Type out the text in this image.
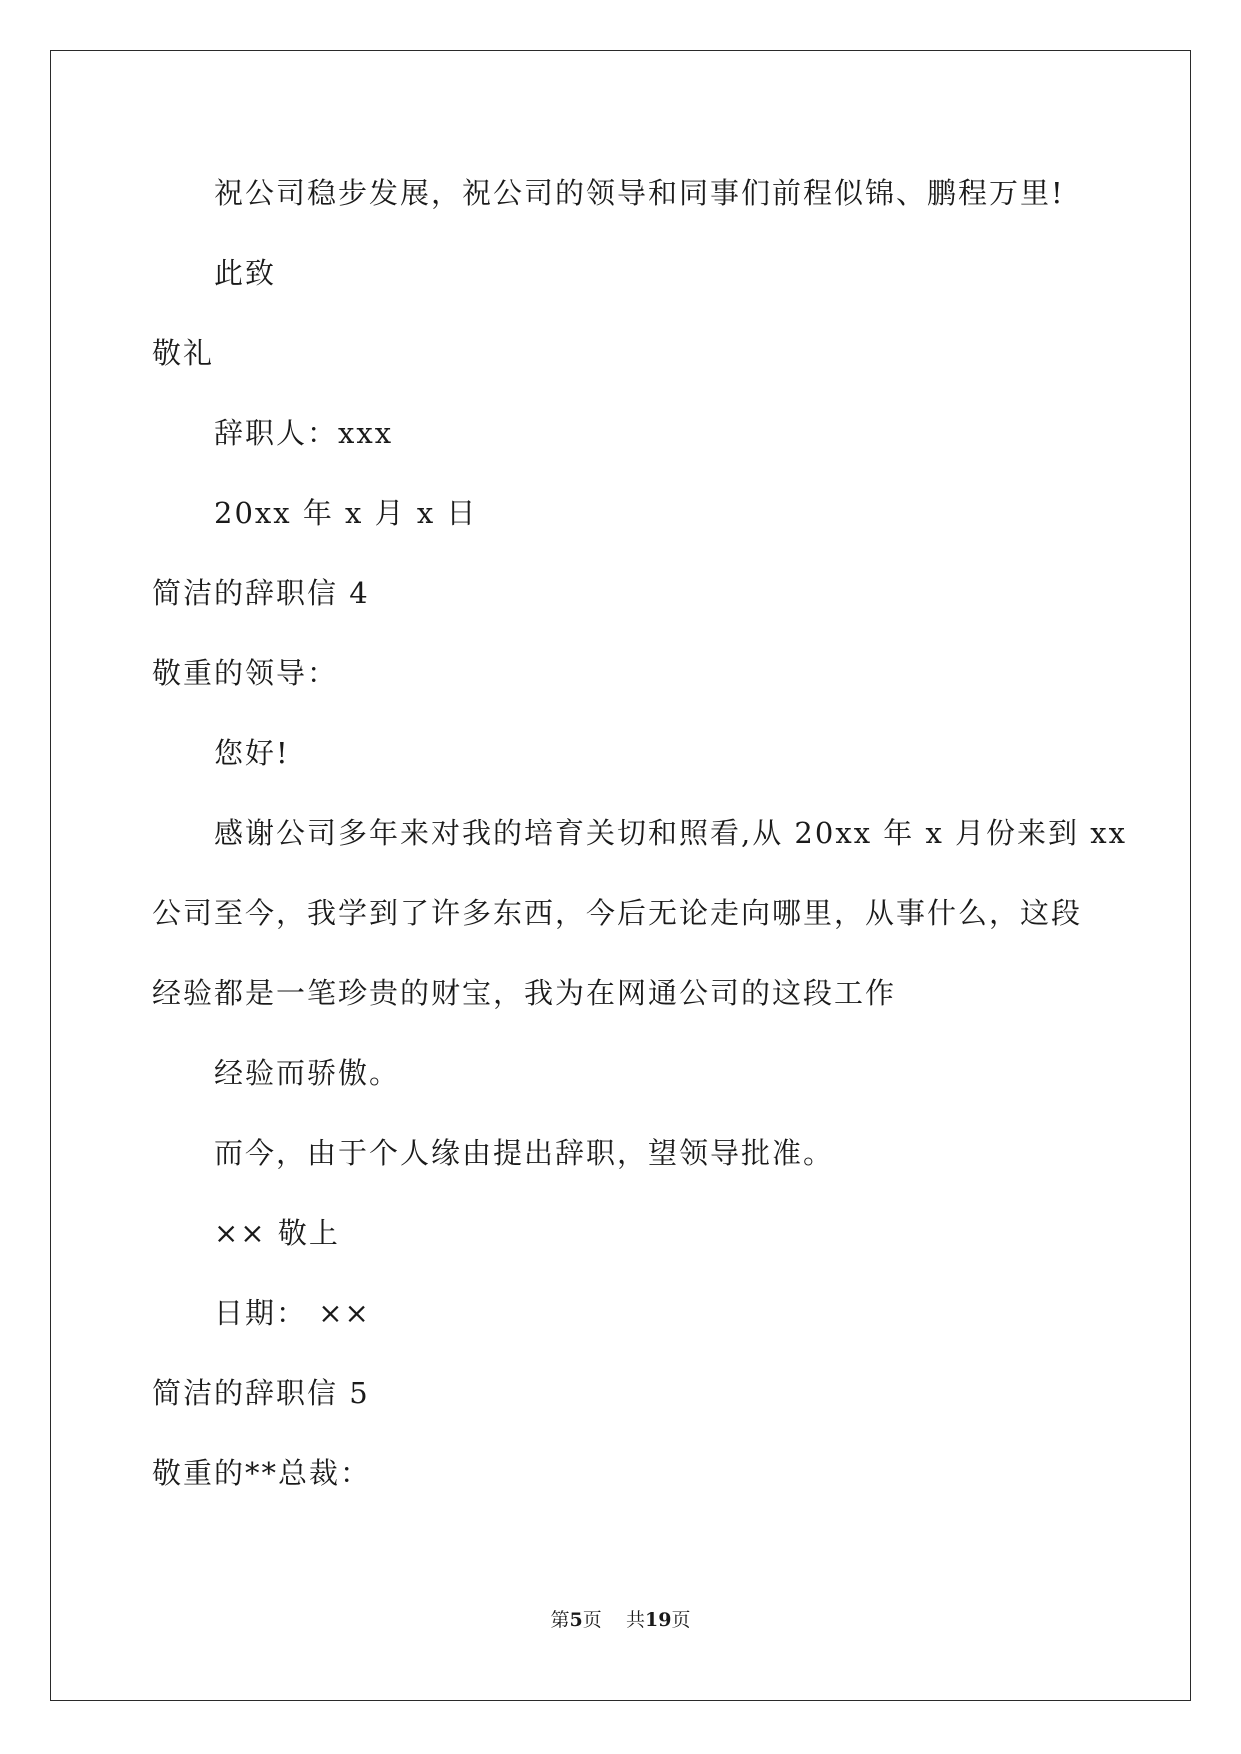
祝公司稳步发展，祝公司的领导和同事们前程似锦、鹏程万里!
此致
敬礼
辞职人：xxx
20xx 年 x 月 x 日
简洁的辞职信 4
敬重的领导：
您好!
感谢公司多年来对我的培育关切和照看,从 20xx 年 x 月份来到 xx
公司至今，我学到了许多东西，今后无论走向哪里，从事什么，这段
经验都是一笔珍贵的财宝，我为在网通公司的这段工作
经验而骄傲。
而今，由于个人缘由提出辞职，望领导批准。
×× 敬上
日期： ××
简洁的辞职信 5
敬重的**总裁：
第5页 共19页
